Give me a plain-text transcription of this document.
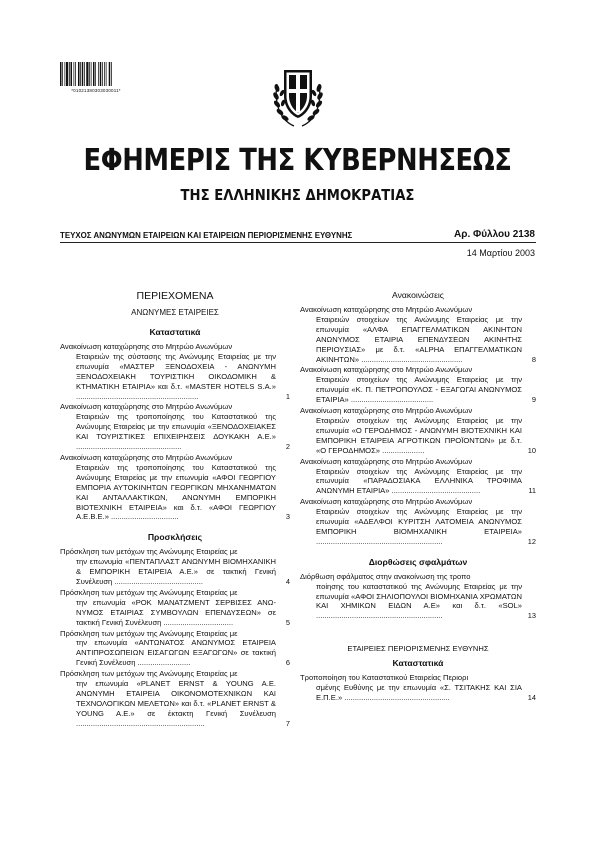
*01021380303030011*
ΕΦΗΜΕΡΙΣ ΤΗΣ ΚΥΒΕΡΝΗΣΕΩΣ
ΤΗΣ ΕΛΛΗΝΙΚΗΣ ΔΗΜΟΚΡΑΤΙΑΣ
ΤΕΥΧΟΣ ΑΝΩΝΥΜΩΝ ΕΤΑΙΡΕΙΩΝ ΚΑΙ ΕΤΑΙΡΕΙΩΝ ΠΕΡΙΟΡΙΣΜΕΝΗΣ ΕΥΘΥΝΗΣ	Αρ. Φύλλου 2138
14 Μαρτίου 2003
ΠΕΡΙΕΧΟΜΕΝΑ
ΑΝΩΝΥΜΕΣ ΕΤΑΙΡΕΙΕΣ
Καταστατικά
Ανακοίνωση καταχώρησης στο Μητρώο Ανωνύμων
Εταιρειών της σύστασης της Ανώνυμης Εταιρείας με την επωνυμία «ΜΑΣΤΕΡ ΞΕΝΟΔΟΧΕΙΑ - ΑΝΩΝΥΜΗ ΞΕΝΟΔΟΧΕΙΑΚΗ ΤΟΥΡΙΣΤΙΚΗ ΟΙΚΟΔΟΜΙΚΗ & ΚΤΗΜΑΤΙΚΗ ΕΤΑΙΡΙΑ» και δ.τ. «MASTER HOTELS S.A.» ..........................................................	1
Ανακοίνωση καταχώρησης στο Μητρώο Ανωνύμων
Εταιρειών της τροποποίησης του Καταστατικού της Ανώνυμης Εταιρείας με την επωνυμία «ΞΕΝΟΔΟΧΕΙΑΚΕΣ ΚΑΙ ΤΟΥΡΙΣΤΙΚΕΣ ΕΠΙΧΕΙΡΗΣΕΙΣ ΔΟΥΚΑΚΗ Α.Ε.» ..................................................	2
Ανακοίνωση καταχώρησης στο Μητρώο Ανωνύμων
Εταιρειών της τροποποίησης του Καταστατικού της Ανώνυμης Εταιρείας με την επωνυμία «ΑΦΟΙ ΓΕΩΡΓΙΟΥ ΕΜΠΟΡΙΑ ΑΥΤΟΚΙΝΗΤΩΝ ΓΕΩΡΓΙΚΩΝ ΜΗΧΑΝΗΜΑΤΩΝ ΚΑΙ ΑΝΤΑΛΛΑΚΤΙΚΩΝ, ΑΝΩΝΥΜΗ ΕΜΠΟΡΙΚΗ ΒΙΟΤΕΧΝΙΚΗ ΕΤΑΙΡΕΙΑ» και δ.τ. «ΑΦΟΙ ΓΕΩΡΓΙΟΥ Α.Ε.Β.Ε.» ................................	3
Προσκλήσεις
Πρόσκληση των μετόχων της Ανώνυμης Εταιρείας με
την επωνυμία «ΠΕΝΤΑΠΛΑΣΤ ΑΝΩΝΥΜΗ ΒΙΟΜΗΧΑΝΙΚΗ & ΕΜΠΟΡΙΚΗ ΕΤΑΙΡΕΙΑ Α.Ε.» σε τακτική Γενική Συνέλευση ..........................................	4
Πρόσκληση των μετόχων της Ανώνυμης Εταιρείας με
την επωνυμία «ΡΟΚ ΜΑΝΑΤΖΜΕΝΤ ΣΕΡΒΙΣΕΣ ΑΝΩΝΥΜΟΣ ΕΤΑΙΡΙΑΣ ΣΥΜΒΟΥΛΩΝ ΕΠΕΝΔΥΣΕΩΝ» σε τακτική Γενική Συνέλευση .................................	5
Πρόσκληση των μετόχων της Ανώνυμης Εταιρείας με
την επωνυμία «ΑΝΤΩΝΑΤΟΣ ΑΝΩΝΥΜΟΣ ΕΤΑΙΡΕΙΑ ΑΝΤΙΠΡΟΣΩΠΕΙΩΝ ΕΙΣΑΓΩΓΩΝ ΕΞΑΓΩΓΩΝ» σε τακτική Γενική Συνέλευση .........................	6
Πρόσκληση των μετόχων της Ανώνυμης Εταιρείας με
την επωνυμία «PLANET ERNST & YOUNG A.E. ΑΝΩΝΥΜΗ ΕΤΑΙΡΕΙΑ ΟΙΚΟΝΟΜΟΤΕΧΝΙΚΩΝ ΚΑΙ ΤΕΧΝΟΛΟΓΙΚΩΝ ΜΕΛΕΤΩΝ» και δ.τ. «PLANET ERNST & YOUNG A.E.» σε έκτακτη Γενική Συνέλευση .............................................................	7
Ανακοινώσεις
Ανακοίνωση καταχώρησης στο Μητρώο Ανωνύμων
Εταιρειών στοιχείων της Ανώνυμης Εταιρείας με την επωνυμία «ΑΛΦΑ ΕΠΑΓΓΕΛΜΑΤΙΚΩΝ ΑΚΙΝΗΤΩΝ ΑΝΩΝΥΜΟΣ ΕΤΑΙΡΙΑ ΕΠΕΝΔΥΣΕΩΝ ΑΚΙΝΗΤΗΣ ΠΕΡΙΟΥΣΙΑΣ» με δ.τ. «ALPHA ΕΠΑΓΓΕΛΜΑΤΙΚΩΝ ΑΚΙΝΗΤΩΝ» ................................................	8
Ανακοίνωση καταχώρησης στο Μητρώο Ανωνύμων
Εταιρειών στοιχείων της Ανώνυμης Εταιρείας με την επωνυμία «Κ. Π. ΠΕΤΡΟΠΟΥΛΟΣ - ΕΞΑΓΩΓΑΙ ΑΝΩΝΥΜΟΣ ΕΤΑΙΡΙΑ» .......................................	9
Ανακοίνωση καταχώρησης στο Μητρώο Ανωνύμων
Εταιρειών στοιχείων της Ανώνυμης Εταιρείας με την επωνυμία «Ο ΓΕΡΟΔΗΜΟΣ - ΑΝΩΝΥΜΗ ΒΙΟΤΕΧΝΙΚΗ ΚΑΙ ΕΜΠΟΡΙΚΗ ΕΤΑΙΡΕΙΑ ΑΓΡΟΤΙΚΩΝ ΠΡΟΪΟΝΤΩΝ» με δ.τ. «Ο ΓΕΡΟΔΗΜΟΣ» ....................	10
Ανακοίνωση καταχώρησης στο Μητρώο Ανωνύμων
Εταιρειών στοιχείων της Ανώνυμης Εταιρείας με την επωνυμία «ΠΑΡΑΔΟΣΙΑΚΑ ΕΛΛΗΝΙΚΑ ΤΡΟΦΙΜΑ ΑΝΩΝΥΜΗ ΕΤΑΙΡΙΑ» ..........................................	11
Ανακοίνωση καταχώρησης στο Μητρώο Ανωνύμων
Εταιρειών στοιχείων της Ανώνυμης Εταιρείας με την επωνυμία «ΑΔΕΛΦΟΙ ΚΥΡΙΤΣΗ ΛΑΤΟΜΕΙΑ ΑΝΩΝΥΜΟΣ ΕΜΠΟΡΙΚΗ ΒΙΟΜΗΧΑΝΙΚΗ ΕΤΑΙΡΕΙΑ» ............................................................	12
Διορθώσεις σφαλμάτων
Διόρθωση σφάλματος στην ανακοίνωση της τροπο
ποίησης του καταστατικού της Ανώνυμης Εταιρείας με την επωνυμία «ΑΦΟΙ ΣΗΛΙΟΠΟΥΛΟΙ ΒΙΟΜΗΧΑΝΙΑ ΧΡΩΜΑΤΩΝ ΚΑΙ ΧΗΜΙΚΩΝ ΕΙΔΩΝ Α.Ε» και δ.τ. «SOL» ............................................................	13
ΕΤΑΙΡΕΙΕΣ ΠΕΡΙΟΡΙΣΜΕΝΗΣ ΕΥΘΥΝΗΣ
Καταστατικά
Τροποποίηση του Καταστατικού Εταιρείας Περιορι
σμένης Ευθύνης με την επωνυμία «Σ. ΤΣΙΤΑΚΗΣ ΚΑΙ ΣΙΑ Ε.Π.Ε.» ..................................................	14
